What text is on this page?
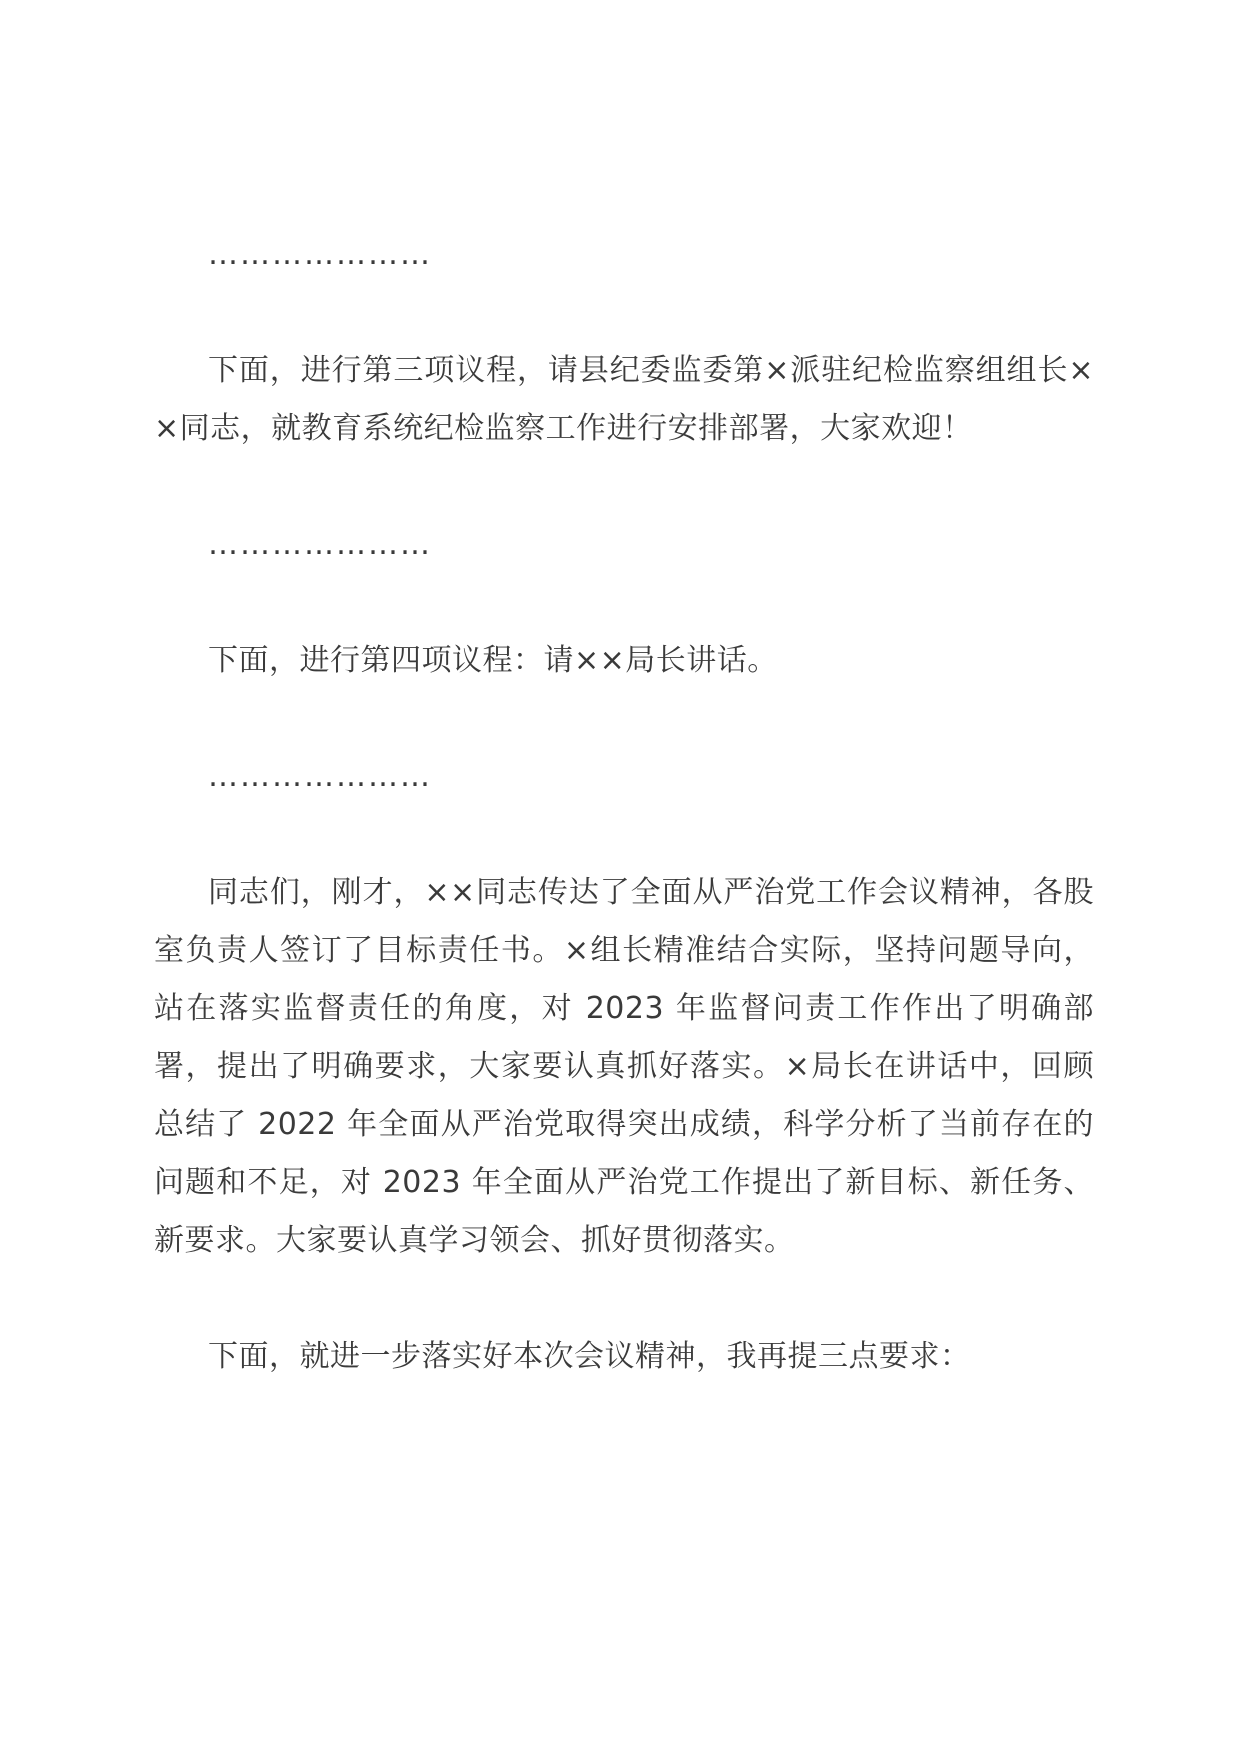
…………………

下面，进行第三项议程，请县纪委监委第×派驻纪检监察组组长××同志，就教育系统纪检监察工作进行安排部署，大家欢迎！

…………………

下面，进行第四项议程：请××局长讲话。

…………………

同志们，刚才，××同志传达了全面从严治党工作会议精神，各股室负责人签订了目标责任书。×组长精准结合实际，坚持问题导向，站在落实监督责任的角度，对 2023 年监督问责工作作出了明确部署，提出了明确要求，大家要认真抓好落实。×局长在讲话中，回顾总结了 2022 年全面从严治党取得突出成绩，科学分析了当前存在的问题和不足，对 2023 年全面从严治党工作提出了新目标、新任务、新要求。大家要认真学习领会、抓好贯彻落实。

下面，就进一步落实好本次会议精神，我再提三点要求：
